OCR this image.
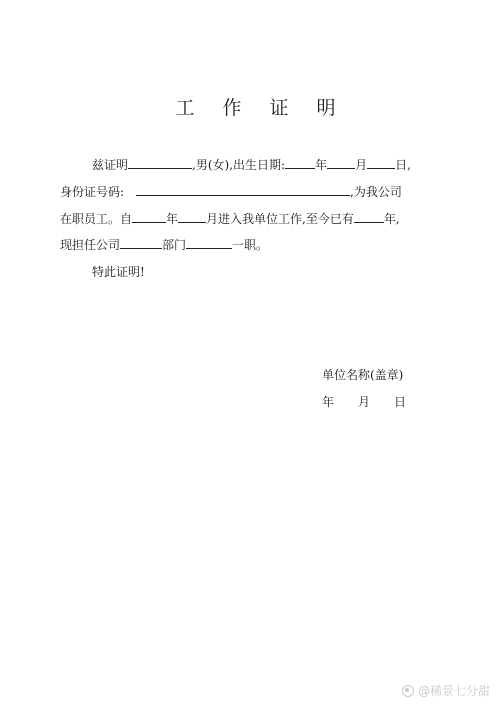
工 作 证 明
兹证明	,男(女),出生日期:	年 月 日,
身份证号码:	,为我公司
在职员工。自	年 月进入我单位工作,至今已有	年,
现担任公司	部门	一职。
特此证明!
单位名称(盖章)
年 月 日
@稀景七分甜
